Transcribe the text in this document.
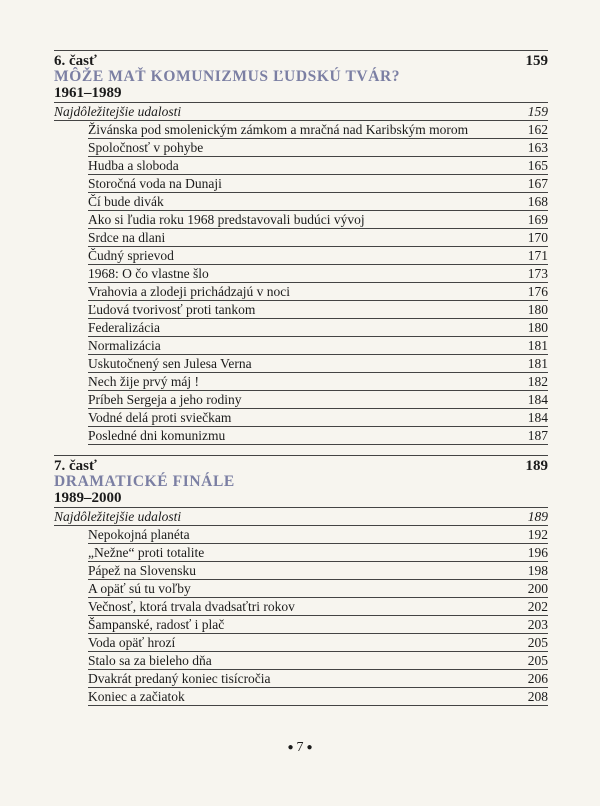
6. časť	159
MÔŽE MAŤ KOMUNIZMUS ĽUDSKÚ TVÁR?
1961–1989
Najdôležitejšie udalosti	159
Živánska pod smolenickým zámkom a mračná nad Karibským morom	162
Spoločnosť v pohybe	163
Hudba a sloboda	165
Storočná voda na Dunaji	167
Čí bude divák	168
Ako si ľudia roku 1968 predstavovali budúci vývoj	169
Srdce na dlani	170
Čudný sprievod	171
1968: O čo vlastne šlo	173
Vrahovia a zlodeji prichádzajú v noci	176
Ľudová tvorivosť proti tankom	180
Federalizácia	180
Normalizácia	181
Uskutočnený sen Julesa Verna	181
Nech žije prvý máj !	182
Príbeh Sergeja a jeho rodiny	184
Vodné delá proti sviečkam	184
Posledné dni komunizmu	187
7. časť	189
DRAMATICKÉ FINÁLE
1989–2000
Najdôležitejšie udalosti	189
Nepokojná planéta	192
„Nežne“ proti totalite	196
Pápež na Slovensku	198
A opäť sú tu voľby	200
Večnosť, ktorá trvala dvadsaťtri rokov	202
Šampanské, radosť i plač	203
Voda opäť hrozí	205
Stalo sa za bieleho dňa	205
Dvakrát predaný koniec tisícročia	206
Koniec a začiatok	208
● 7 ●
